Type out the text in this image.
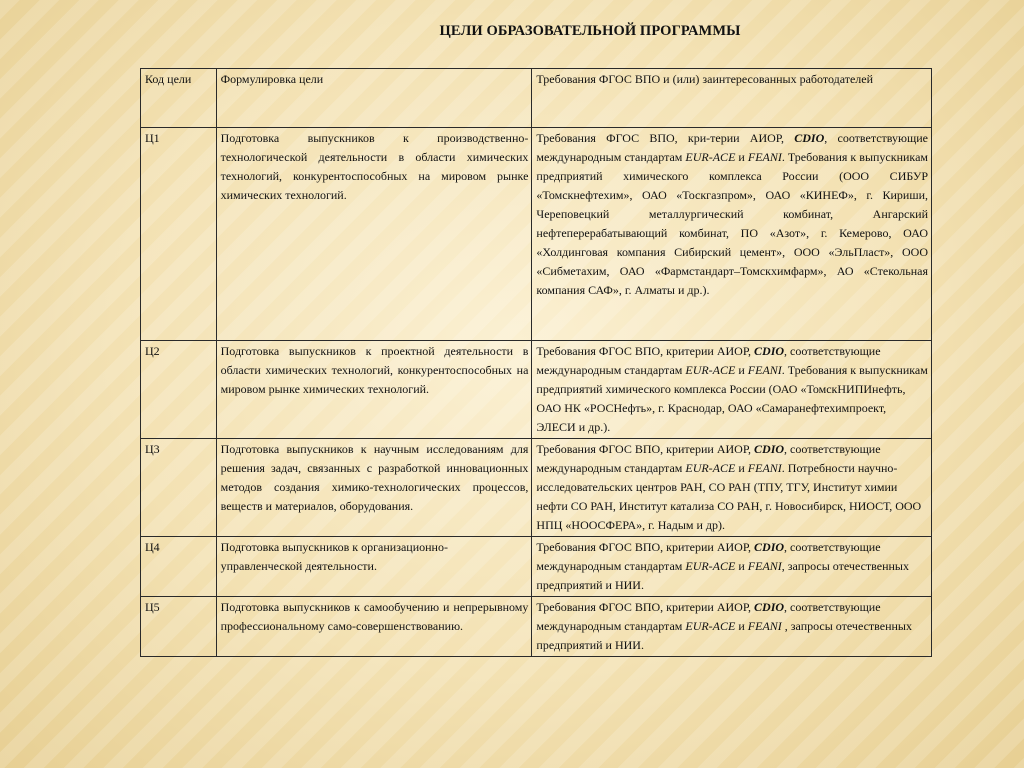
ЦЕЛИ ОБРАЗОВАТЕЛЬНОЙ ПРОГРАММЫ
Код цели	Формулировка цели	Требования ФГОС ВПО и (или) заинтересованных работодателей
Ц1	Подготовка выпускников к производственно-технологической деятельности в области химических технологий, конкурентоспособных на мировом рынке химических технологий.	Требования ФГОС ВПО, кри-терии АИОР, CDIO, соответствующие международным стандартам EUR-ACE и FEANI. Требования к выпускникам предприятий химического комплекса России (ООО СИБУР «Томскнефтехим», ОАО «Тоскгазпром», ОАО «КИНЕФ», г. Кириши, Череповецкий металлургический комбинат, Ангарский нефтеперерабатывающий комбинат, ПО «Азот», г. Кемерово, ОАО «Холдинговая компания Сибирский цемент», ООО «ЭльПласт», ООО «Сибметахим, ОАО «Фармстандарт–Томскхимфарм», АО «Стекольная компания САФ», г. Алматы и др.).
Ц2	Подготовка выпускников к проектной деятельности в области химических технологий, конкурентоспособных на мировом рынке химических технологий.	Требования ФГОС ВПО, критерии АИОР, CDIO, соответствующие международным стандартам EUR-ACE и FEANI. Требования к выпускникам предприятий химического комплекса России (ОАО «ТомскНИПИнефть, ОАО НК «РОСНефть», г. Краснодар, ОАО «Самаранефтехимпроект, ЭЛЕСИ и др.).
Ц3	Подготовка выпускников к научным исследованиям для решения задач, связанных с разработкой инновационных методов создания химико-технологических процессов, веществ и материалов, оборудования.	Требования ФГОС ВПО, критерии АИОР, CDIO, соответствующие международным стандартам EUR-ACE и FEANI. Потребности научно-исследовательских центров РАН, СО РАН (ТПУ, ТГУ, Институт химии нефти СО РАН, Институт катализа СО РАН, г. Новосибирск, НИОСТ, ООО НПЦ «НООСФЕРА», г. Надым и др).
Ц4	Подготовка выпускников к организационно-управленческой деятельности.	Требования ФГОС ВПО, критерии АИОР, CDIO, соответствующие международным стандартам EUR-ACE и FEANI, запросы отечественных предприятий и НИИ.
Ц5	Подготовка выпускников к самообучению и непрерывному профессиональному само-совершенствованию.	Требования ФГОС ВПО, критерии АИОР, CDIO, соответствующие международным стандартам EUR-ACE и FEANI , запросы отечественных предприятий и НИИ.
